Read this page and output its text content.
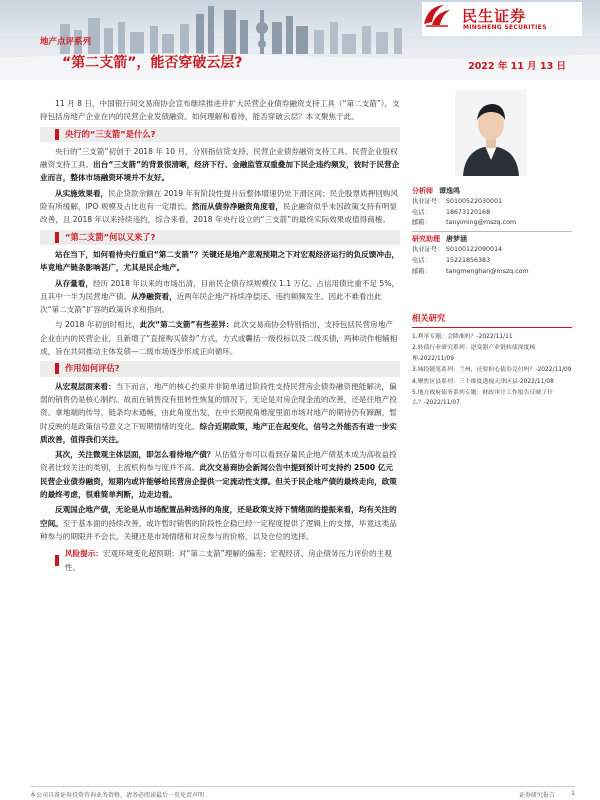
地产点评系列
“第二支箭”，能否穿破云层?	2022 年 11 月 13 日
民生证券
MINSHENG SECURITIES

11 月 8 日，中国银行间交易商协会宣布继续推进并扩大民营企业债券融资支持工具（“第二支箭”），支持包括房地产企业在内的民营企业发债融资。如何理解和看待，能否穿破云层？本文聚焦于此。

央行的“三支箭”是什么?

央行的“三支箭”初创于 2018 年 10 月，分别指信贷支持、民营企业债券融资支持工具、民营企业股权融资支持工具。出台“三支箭”的背景很清晰，经济下行、金融监管双重叠加下民企违约频发，彼时于民营企业而言，整体市场融资环境并不友好。

从实施效果看，民企贷款余额在 2019 年有阶段性提升后整体增速仍处下滑区间；民企股票质押回购风险有所缓解，IPO 规模及占比也有一定增长。然而从债券净融资角度看，民企融资似乎未因政策支持有明显改善，且 2018 年以来持续违约。综合来看，2018 年央行设立的“三支箭”的最终实际效果或值得商榷。

“第二支箭”何以又来了?

站在当下，如何看待央行重启“第二支箭”？关键还是地产悲观预期之下对宏观经济运行的负反馈冲击，毕竟地产链条影响甚广，尤其是民企地产。

从存量看，经历 2018 年以来的市场出清，目前民企债存续规模仅 1.1 万亿、占信用债比重不足 5%，且其中一半为民营地产债。从净融资看，近两年民企地产持续净偿还、违约频频发生。因此不难看出此次“第二支箭”扩容的政策诉求和指向。

与 2018 年初创时相比，此次“第二支箭”有些差异：此次交易商协会特别指出，支持包括民营房地产企业在内的民营企业，且新增了“直接购买债券”方式，方式或囊括一级投标以及二级买债，两种动作相辅相成，旨在共同推动主体发债—二级市场逐步形成正向循环。

作用如何评估?

从宏观层面来看：当下而言，地产的核心约束并非简单通过阶段性支持民营房企债券融资便能解决，偏弱的销售仍是核心制约。故而在销售没有扭转性恢复的情况下，无论是对房企现金流的改善，还是往地产投资、拿地端的传导，链条均未通畅，由此角度出发，在中长期视角维度里面市场对地产的期待仍有蹄蹰，暂时反映的是政策信号意义之下短期情绪的变化。综合近期政策，地产正在起变化，信号之外能否有进一步实质改善，值得我们关注。

其次，关注微观主体层面，即怎么看待地产债？从估值分布可以看到存量民企地产债基本成为高收益投资者比较关注的类别，主流机构参与度并不高。此次交易商协会新闻公告中提到预计可支持约 2500 亿元民营企业债券融资，短期内或许能够给民营房企提供一定流动性支撑。但关于民企地产债的最终走向，政策的最终考虑，很难简单判断，边走边看。

反观国企地产债，无论是从市场配置品种选择的角度，还是政策支持下情绪面的提振来看，均有关注的空间。至于基本面的持续改善，或许暂时销售的阶段性企稳已经一定程度提供了逻辑上的支撑，毕竟这类品种参与的期限并不会长，关键还是市场情绪和对应参与的价格，以及仓位的选择。

风险提示：宏观环境变化超预期；对“第二支箭”理解的偏差；宏观经济、房企债务压力评价的主观性。
分析师 谭逸鸣
执业证号： S0100522030001
电话：	18673120168
邮箱：	tanyiming@mszq.com
研究助理 唐梦涵
执业证号： S0100122090014
电话：	15221856383
邮箱：	tangmenghan@mszq.com
相关研究
1.利率专题：会降准吗？-2022/11/11
2.转债行业研究系列：逆变器产业链转债深度梳理-2022/11/09
3.城投随笔系列：兰州，还要担心债券兑付吗？-2022/11/09
4.聚焦区县系列：三个维度透视天津区县-2022/11/08
5.地方政府债务系列专题：财政审计工作报告反映了什么？-2022/11/07
本公司具备证券投资咨询业务资格，请务必阅读最后一页免责声明	证券研究报告	1
